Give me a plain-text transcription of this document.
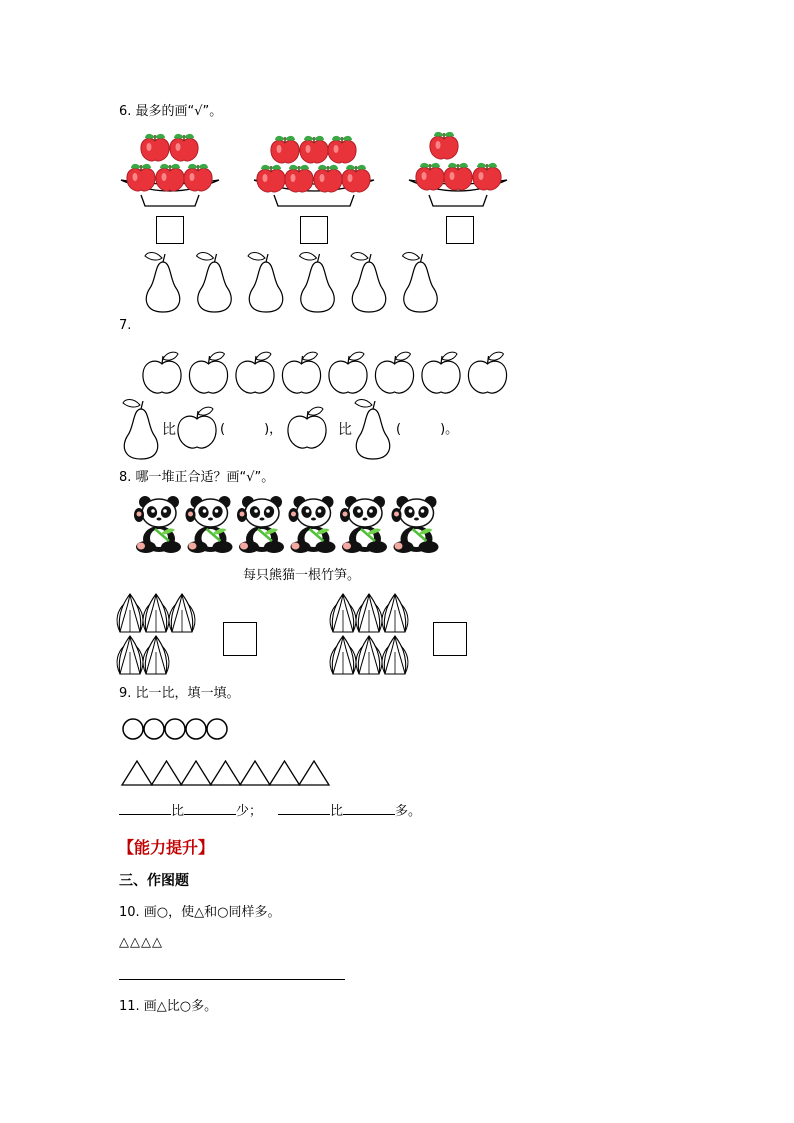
6. 最多的画“√”。
7.
比	(　　　)，	比	(　　　)。
8. 哪一堆正合适？画“√”。
每只熊猫一根竹笋。
9. 比一比，填一填。
比	少；	比	多。
【能力提升】
三、作图题
10. 画○，使△和○同样多。
△△△△
11. 画△比○多。
